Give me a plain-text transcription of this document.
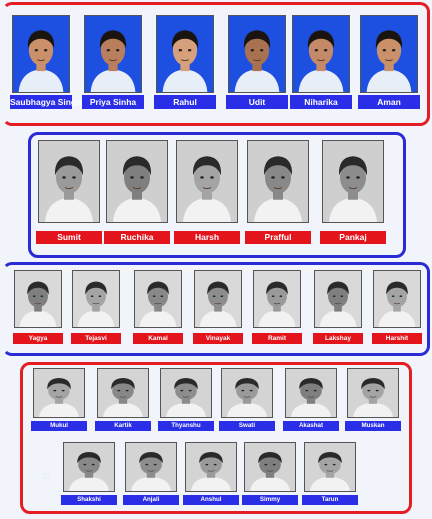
☺
Saubhagya Singh	Priya Sinha	Rahul	Udit	Niharika	Aman
Sumit	Ruchika	Harsh	Prafful	Pankaj
Yagya	Tejasvi	Kamal	Vinayak	Ramit	Lakshay	Harshit
Mukul	Kartik	Thyanshu	Swati	Akashat	Muskan
Shakshi	Anjali	Anshul	Simmy	Tarun
